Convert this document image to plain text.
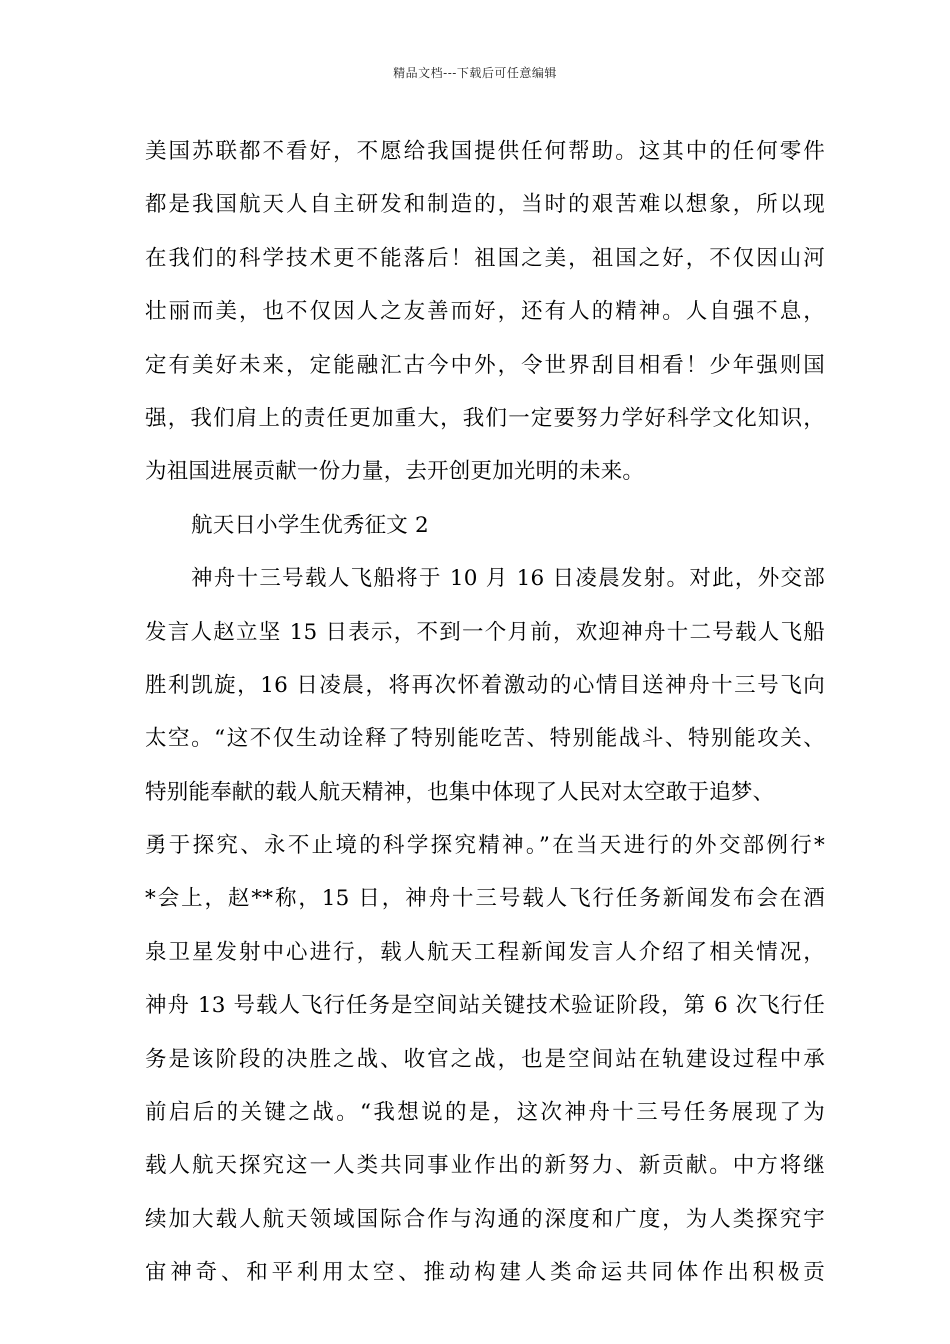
精品文档---下载后可任意编辑
美国苏联都不看好，不愿给我国提供任何帮助。这其中的任何零件
都是我国航天人自主研发和制造的，当时的艰苦难以想象，所以现
在我们的科学技术更不能落后！祖国之美，祖国之好，不仅因山河
壮丽而美，也不仅因人之友善而好，还有人的精神。人自强不息，
定有美好未来，定能融汇古今中外，令世界刮目相看！少年强则国
强，我们肩上的责任更加重大，我们一定要努力学好科学文化知识，
为祖国进展贡献一份力量，去开创更加光明的未来。
航天日小学生优秀征文 2
神舟十三号载人飞船将于 10 月 16 日凌晨发射。对此，外交部
发言人赵立坚 15 日表示，不到一个月前，欢迎神舟十二号载人飞船
胜利凯旋，16 日凌晨，将再次怀着激动的心情目送神舟十三号飞向
太空。“这不仅生动诠释了特别能吃苦、特别能战斗、特别能攻关、
特别能奉献的载人航天精神，也集中体现了人民对太空敢于追梦、
勇于探究、永不止境的科学探究精神。”在当天进行的外交部例行*
*会上，赵**称，15 日，神舟十三号载人飞行任务新闻发布会在酒
泉卫星发射中心进行，载人航天工程新闻发言人介绍了相关情况，
神舟 13 号载人飞行任务是空间站关键技术验证阶段，第 6 次飞行任
务是该阶段的决胜之战、收官之战，也是空间站在轨建设过程中承
前启后的关键之战。“我想说的是，这次神舟十三号任务展现了为
载人航天探究这一人类共同事业作出的新努力、新贡献。中方将继
续加大载人航天领域国际合作与沟通的深度和广度，为人类探究宇
宙神奇、和平利用太空、推动构建人类命运共同体作出积极贡
